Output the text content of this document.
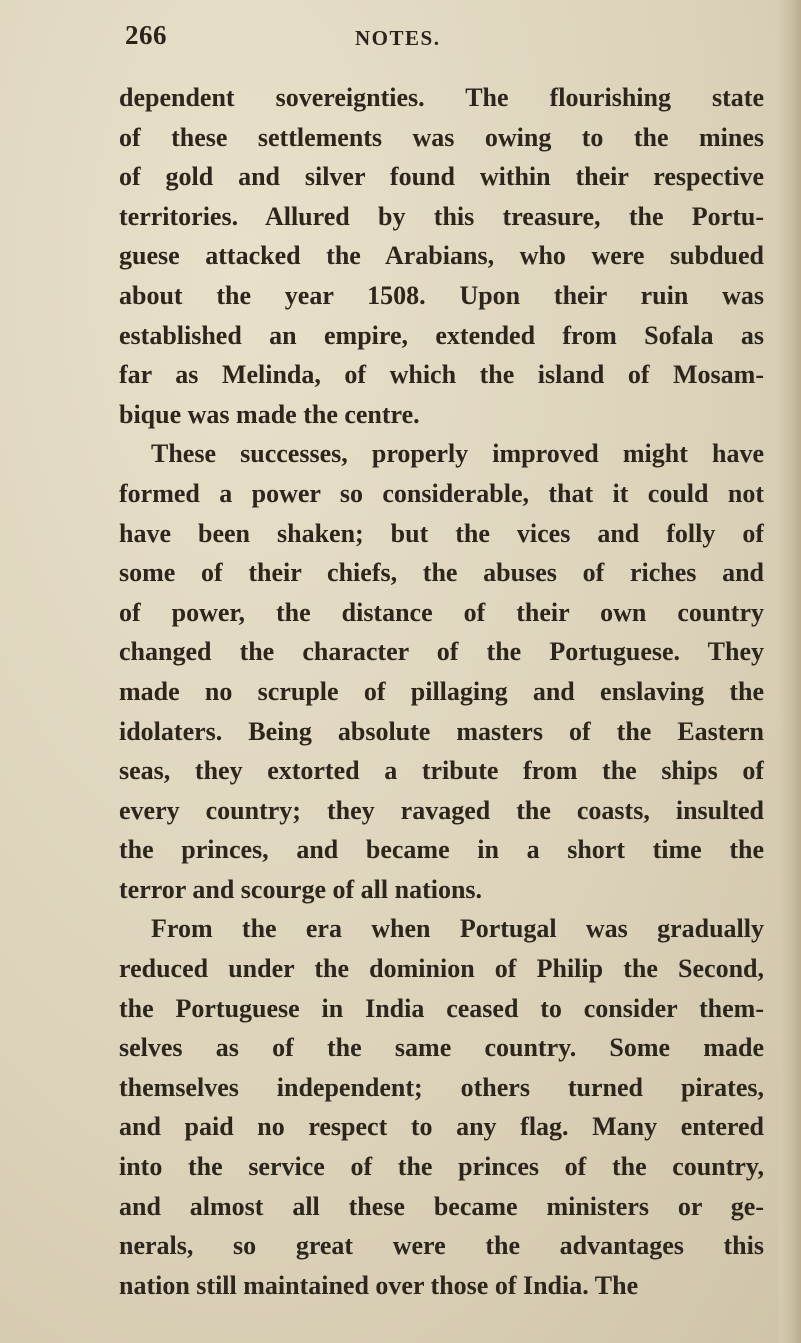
266	NOTES.
dependent sovereignties. The flourishing state
of these settlements was owing to the mines
of gold and silver found within their respective
territories. Allured by this treasure, the Portu-
guese attacked the Arabians, who were subdued
about the year 1508. Upon their ruin was
established an empire, extended from Sofala as
far as Melinda, of which the island of Mosam-
bique was made the centre.
These successes, properly improved might have
formed a power so considerable, that it could not
have been shaken; but the vices and folly of
some of their chiefs, the abuses of riches and
of power, the distance of their own country
changed the character of the Portuguese. They
made no scruple of pillaging and enslaving the
idolaters. Being absolute masters of the Eastern
seas, they extorted a tribute from the ships of
every country; they ravaged the coasts, insulted
the princes, and became in a short time the
terror and scourge of all nations.
From the era when Portugal was gradually
reduced under the dominion of Philip the Second,
the Portuguese in India ceased to consider them-
selves as of the same country. Some made
themselves independent; others turned pirates,
and paid no respect to any flag. Many entered
into the service of the princes of the country,
and almost all these became ministers or ge-
nerals, so great were the advantages this
nation still maintained over those of India. The
